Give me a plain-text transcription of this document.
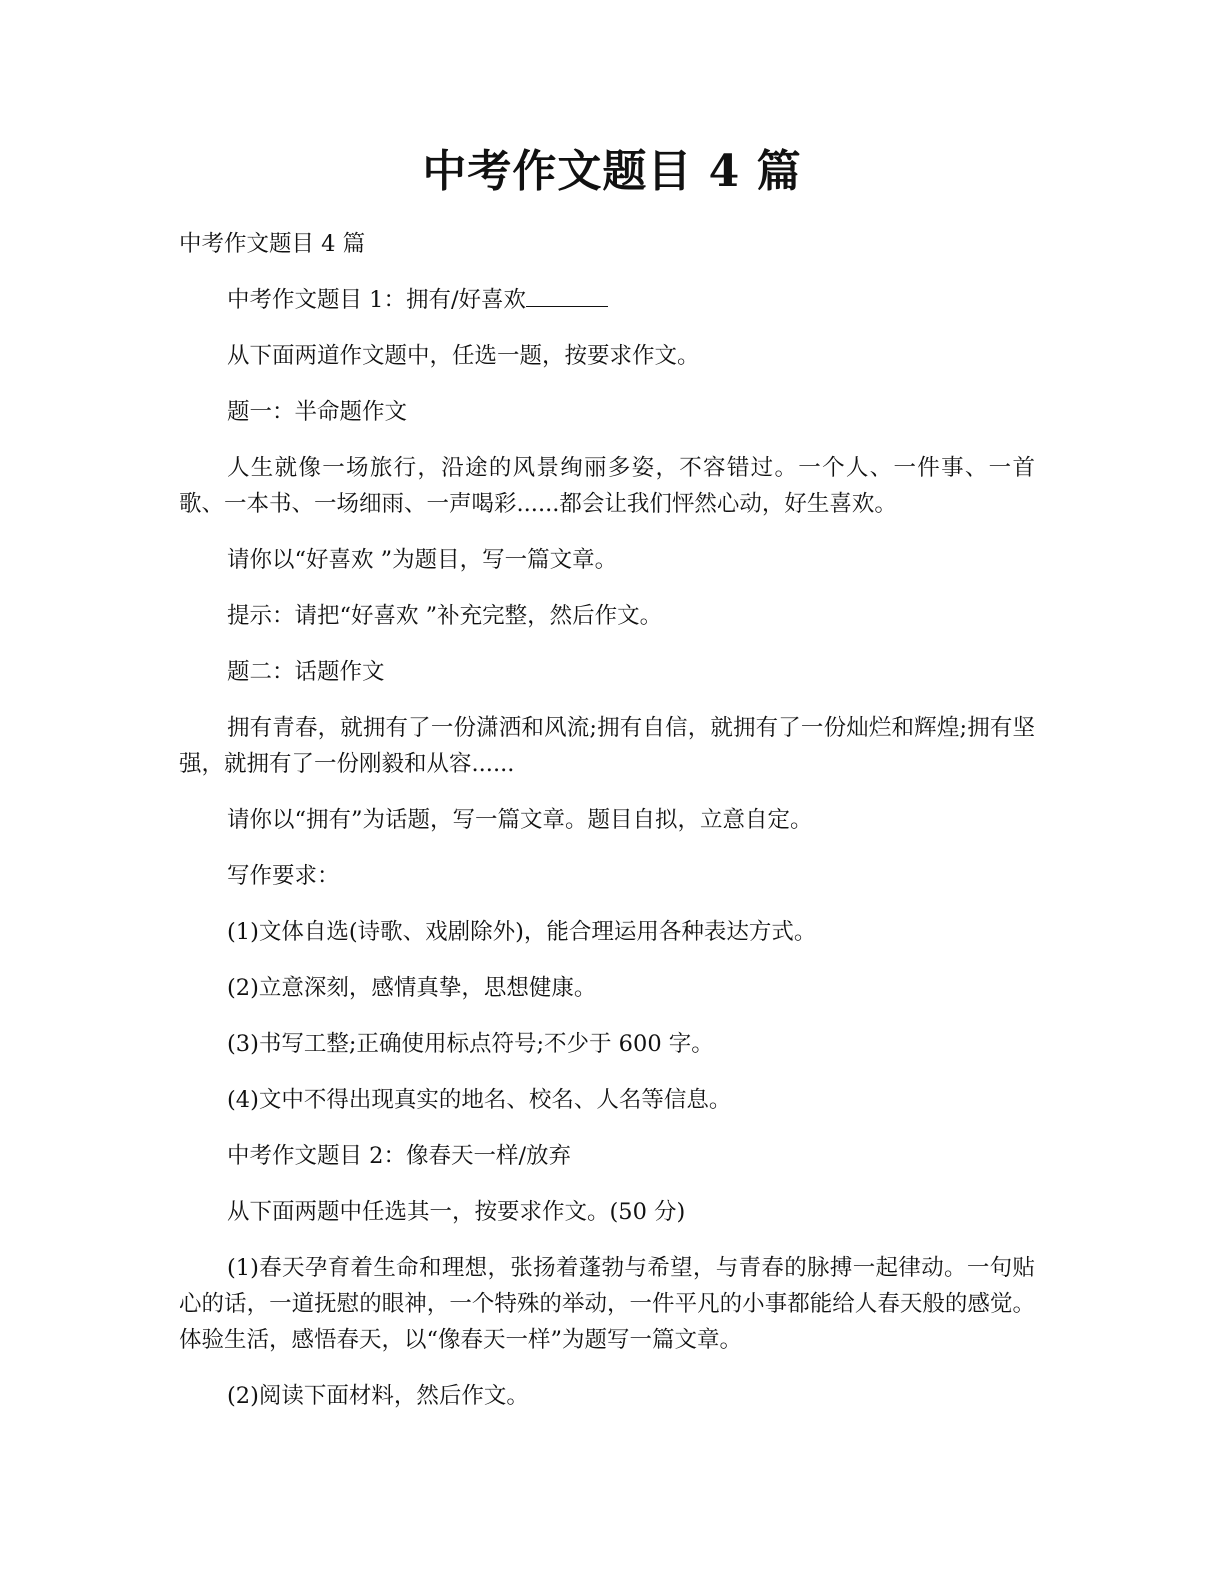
中考作文题目 4 篇

中考作文题目 4 篇

中考作文题目 1：拥有/好喜欢

从下面两道作文题中，任选一题，按要求作文。

题一：半命题作文

人生就像一场旅行，沿途的风景绚丽多姿，不容错过。一个人、一件事、一首歌、一本书、一场细雨、一声喝彩......都会让我们怦然心动，好生喜欢。

请你以“好喜欢 ”为题目，写一篇文章。

提示：请把“好喜欢 ”补充完整，然后作文。

题二：话题作文

拥有青春，就拥有了一份潇洒和风流;拥有自信，就拥有了一份灿烂和辉煌;拥有坚强，就拥有了一份刚毅和从容......

请你以“拥有”为话题，写一篇文章。题目自拟，立意自定。

写作要求：

(1)文体自选(诗歌、戏剧除外)，能合理运用各种表达方式。

(2)立意深刻，感情真挚，思想健康。

(3)书写工整;正确使用标点符号;不少于 600 字。

(4)文中不得出现真实的地名、校名、人名等信息。

中考作文题目 2：像春天一样/放弃

从下面两题中任选其一，按要求作文。(50 分)

(1)春天孕育着生命和理想，张扬着蓬勃与希望，与青春的脉搏一起律动。一句贴心的话，一道抚慰的眼神，一个特殊的举动，一件平凡的小事都能给人春天般的感觉。体验生活，感悟春天，以“像春天一样”为题写一篇文章。

(2)阅读下面材料，然后作文。
